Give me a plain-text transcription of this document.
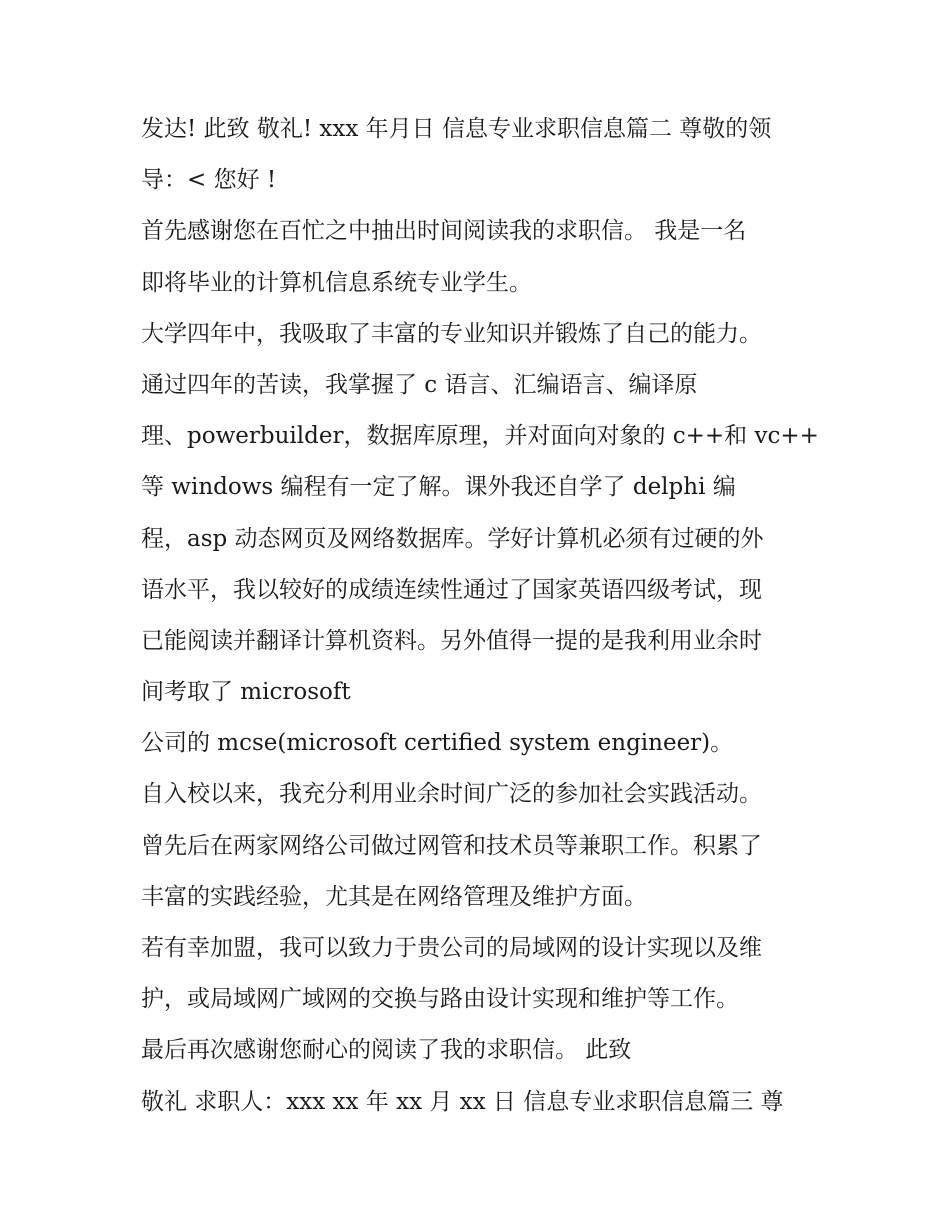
发达! 此致 敬礼! xxx 年月日 信息专业求职信息篇二 尊敬的领
导：< 您好 !
首先感谢您在百忙之中抽出时间阅读我的求职信。 我是一名
即将毕业的计算机信息系统专业学生。
大学四年中，我吸取了丰富的专业知识并锻炼了自己的能力。
通过四年的苦读，我掌握了 c 语言、汇编语言、编译原
理、powerbuilder，数据库原理，并对面向对象的 c++和 vc++
等 windows 编程有一定了解。课外我还自学了 delphi 编
程，asp 动态网页及网络数据库。学好计算机必须有过硬的外
语水平，我以较好的成绩连续性通过了国家英语四级考试，现
已能阅读并翻译计算机资料。另外值得一提的是我利用业余时
间考取了 microsoft
公司的 mcse(microsoft certified system engineer)。
自入校以来，我充分利用业余时间广泛的参加社会实践活动。
曾先后在两家网络公司做过网管和技术员等兼职工作。积累了
丰富的实践经验，尤其是在网络管理及维护方面。
若有幸加盟，我可以致力于贵公司的局域网的设计实现以及维
护，或局域网广域网的交换与路由设计实现和维护等工作。
最后再次感谢您耐心的阅读了我的求职信。 此致
敬礼 求职人：xxx xx 年 xx 月 xx 日 信息专业求职信息篇三 尊
